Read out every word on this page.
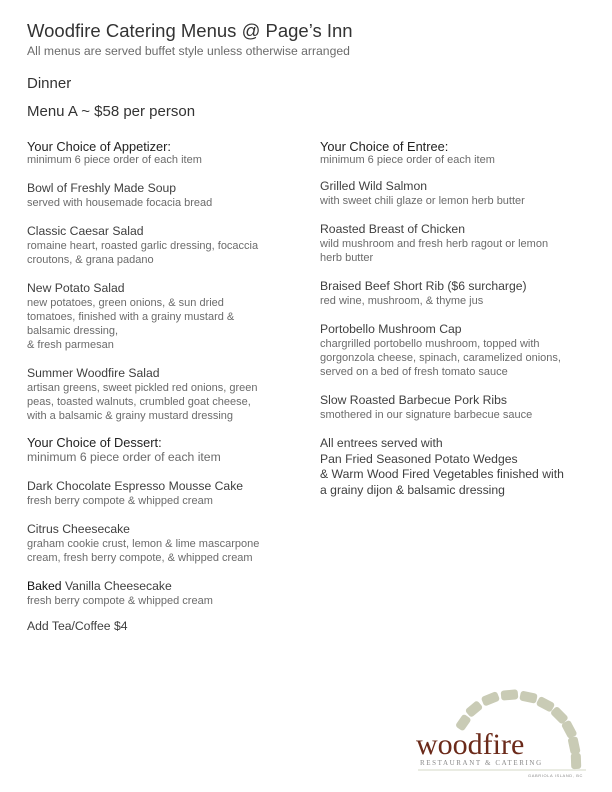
Woodfire Catering Menus @ Page’s Inn
All menus are served buffet style unless otherwise arranged
Dinner
Menu A ~ $58 per person
Your Choice of Appetizer:
minimum 6 piece order of each item
Bowl of Freshly Made Soup
served with housemade focacia bread
Classic Caesar Salad
romaine heart, roasted garlic dressing, focaccia
croutons, & grana padano
New Potato Salad
new potatoes, green onions, & sun dried
tomatoes, finished with a grainy mustard &
balsamic dressing,
& fresh parmesan
Summer Woodfire Salad
artisan greens, sweet pickled red onions, green
peas, toasted walnuts, crumbled goat cheese,
with a balsamic & grainy mustard dressing
Your Choice of Dessert:
minimum 6 piece order of each item
Dark Chocolate Espresso Mousse Cake
fresh berry compote & whipped cream
Citrus Cheesecake
graham cookie crust, lemon & lime mascarpone
cream, fresh berry compote, & whipped cream
Baked Vanilla Cheesecake
fresh berry compote & whipped cream
Add Tea/Coffee $4
Your Choice of Entree:
minimum 6 piece order of each item
Grilled Wild Salmon
with sweet chili glaze or lemon herb butter
Roasted Breast of Chicken
wild mushroom and fresh herb ragout or lemon
herb butter
Braised Beef Short Rib ($6 surcharge)
red wine, mushroom, & thyme jus
Portobello Mushroom Cap
chargrilled portobello mushroom, topped with
gorgonzola cheese, spinach, caramelized onions,
served on a bed of fresh tomato sauce
Slow Roasted Barbecue Pork Ribs
smothered in our signature barbecue sauce
All entrees served with
Pan Fried Seasoned Potato Wedges
& Warm Wood Fired Vegetables finished with
a grainy dijon & balsamic dressing
woodfire
RESTAURANT & CATERING
GABRIOLA ISLAND, BC
